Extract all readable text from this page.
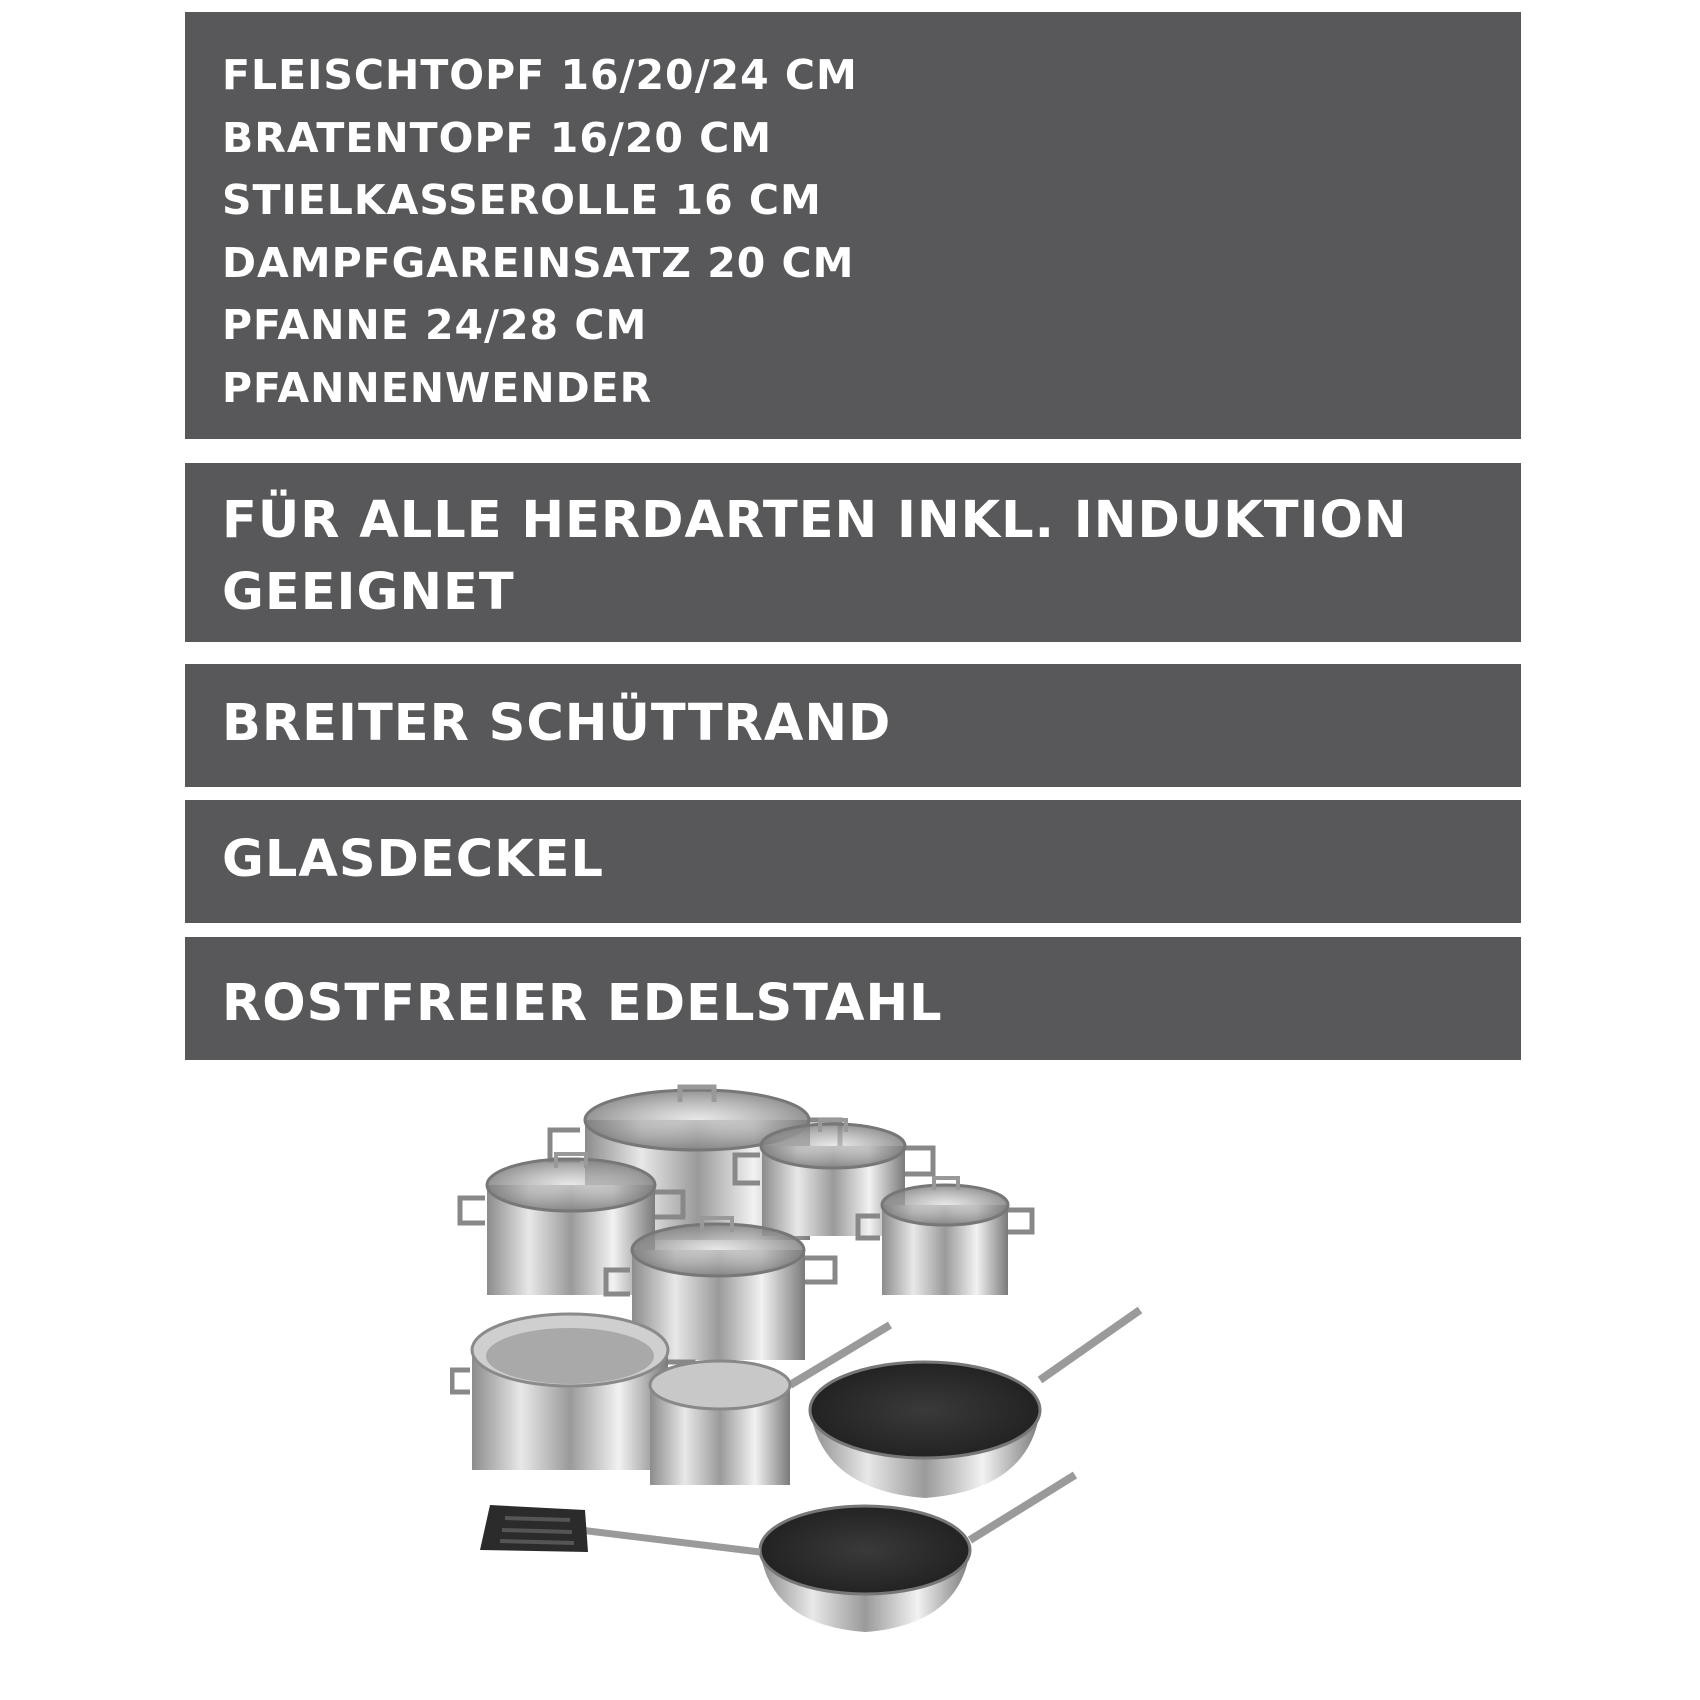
FLEISCHTOPF 16/20/24 CM
BRATENTOPF 16/20 CM
STIELKASSEROLLE 16 CM
DAMPFGAREINSATZ 20 CM
PFANNE 24/28 CM
PFANNENWENDER
FÜR ALLE HERDARTEN INKL. INDUKTION
GEEIGNET
BREITER SCHÜTTRAND
GLASDECKEL
ROSTFREIER EDELSTAHL
